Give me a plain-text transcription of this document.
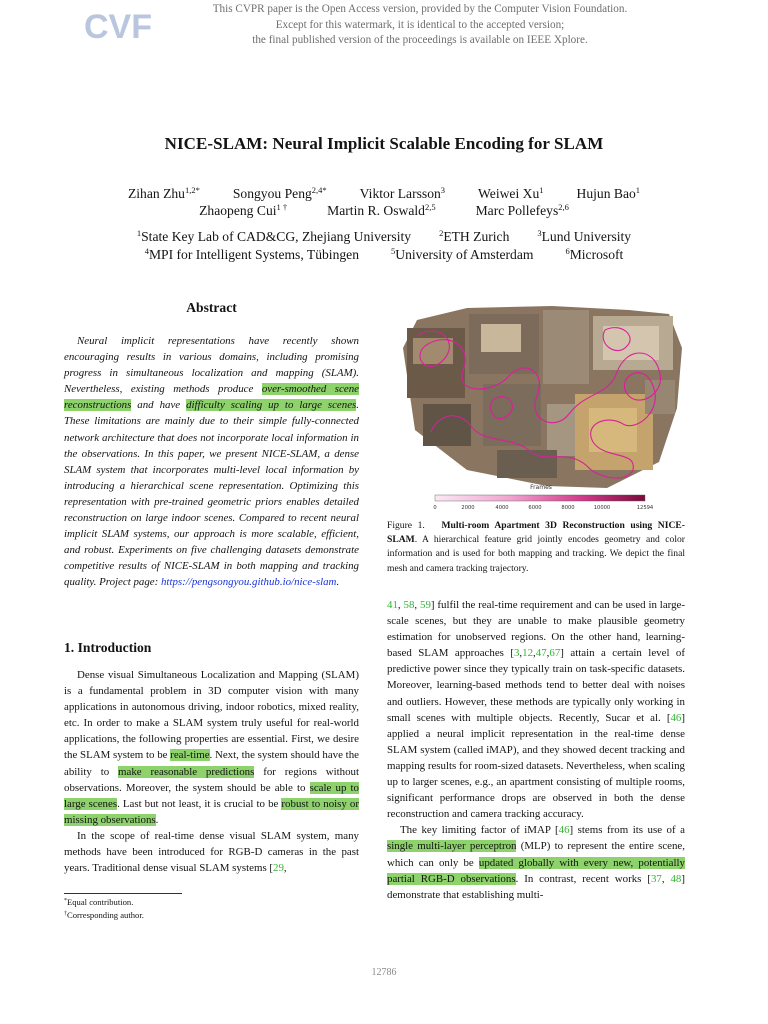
CVF	This CVPR paper is the Open Access version, provided by the Computer Vision Foundation.
Except for this watermark, it is identical to the accepted version;
the final published version of the proceedings is available on IEEE Xplore.
NICE-SLAM: Neural Implicit Scalable Encoding for SLAM
Zihan Zhu$^{1,2*}$ Songyou Peng$^{2,4*}$ Viktor Larsson$^3$ Weiwei Xu$^1$ Hujun Bao$^1$
Zhaopeng Cui$^{1 \dagger}$	Martin R. Oswald$^{2,5}$	Marc Pollefeys$^{2,6}$
$^1$State Key Lab of CAD&CG, Zhejiang University	$^2$ETH Zurich	$^3$Lund University
$^4$MPI for Intelligent Systems, Tübingen	$^5$University of Amsterdam	$^6$Microsoft
Abstract
Neural implicit representations have recently shown encouraging results in various domains, including promising progress in simultaneous localization and mapping (SLAM). Nevertheless, existing methods produce over-smoothed scene reconstructions and have difficulty scaling up to large scenes. These limitations are mainly due to their simple fully-connected network architecture that does not incorporate local information in the observations. In this paper, we present NICE-SLAM, a dense SLAM system that incorporates multi-level local information by introducing a hierarchical scene representation. Optimizing this representation with pre-trained geometric priors enables detailed reconstruction on large indoor scenes. Compared to recent neural implicit SLAM systems, our approach is more scalable, efficient, and robust. Experiments on five challenging datasets demonstrate competitive results of NICE-SLAM in both mapping and tracking quality. Project page: https://pengsongyou.github.io/nice-slam.
1. Introduction

Dense visual Simultaneous Localization and Mapping (SLAM) is a fundamental problem in 3D computer vision with many applications in autonomous driving, indoor robotics, mixed reality, etc. In order to make a SLAM system truly useful for real-world applications, the following properties are essential. First, we desire the SLAM system to be real-time. Next, the system should have the ability to make reasonable predictions for regions without observations. Moreover, the system should be able to scale up to large scenes. Last but not least, it is crucial to be robust to noisy or missing observations.

In the scope of real-time dense visual SLAM system, many methods have been introduced for RGB-D cameras in the past years. Traditional dense visual SLAM systems [29,

*Equal contribution.
†Corresponding author.
Frames
0	2000	4000	6000	8000	10000	12594
Figure 1. Multi-room Apartment 3D Reconstruction using NICE-SLAM. A hierarchical feature grid jointly encodes geometry and color information and is used for both mapping and tracking. We depict the final mesh and camera tracking trajectory.

41, 58, 59] fulfil the real-time requirement and can be used in large-scale scenes, but they are unable to make plausible geometry estimation for unobserved regions. On the other hand, learning-based SLAM approaches [3,12,47,67] attain a certain level of predictive power since they typically train on task-specific datasets. Moreover, learning-based methods tend to better deal with noises and outliers. However, these methods are typically only working in small scenes with multiple objects. Recently, Sucar et al. [46] applied a neural implicit representation in the real-time dense SLAM system (called iMAP), and they showed decent tracking and mapping results for room-sized datasets. Nevertheless, when scaling up to larger scenes, e.g., an apartment consisting of multiple rooms, significant performance drops are observed in both the dense reconstruction and camera tracking accuracy.

The key limiting factor of iMAP [46] stems from its use of a single multi-layer perceptron (MLP) to represent the entire scene, which can only be updated globally with every new, potentially partial RGB-D observations. In contrast, recent works [37, 48] demonstrate that establishing multi-

12786
